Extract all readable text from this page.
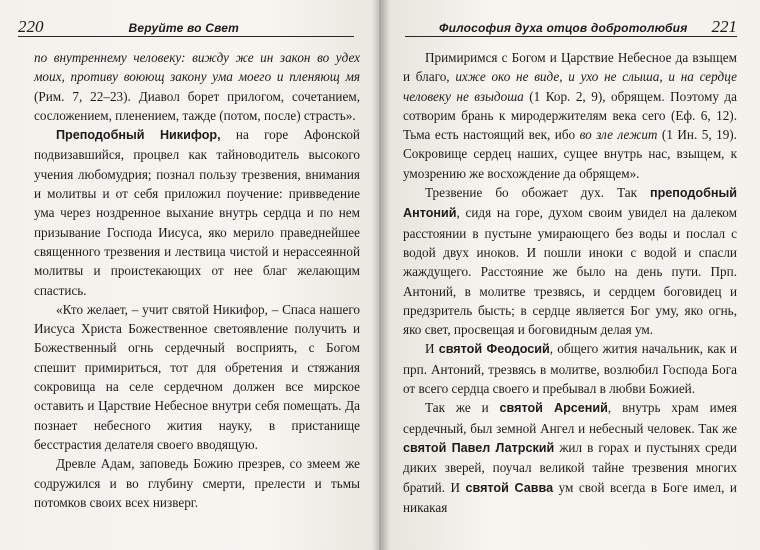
220	Веруйте во Свет

по внутреннему человеку: вижду же ин закон во удех моих, противу воюющ закону ума моего и пленяющ мя (Рим. 7, 22–23). Диавол борет прилогом, сочетанием, сосложением, пленением, тажде (потом, после) страсть».

Преподобный Никифор, на горе Афонской подвизавшийся, процвел как тайноводитель высокого учения любомудрия; познал пользу трезвения, внимания и молитвы и от себя приложил поучение: привведение ума через ноздренное выхание внутрь сердца и по нем призывание Господа Иисуса, яко мерило праведнейшее священного трезвения и лествица чистой и нерассеянной молитвы и проистекающих от нее благ желающим спастись.

«Кто желает, – учит святой Никифор, – Спаса нашего Иисуса Христа Божественное светоявление получить и Божественный огнь сердечный восприять, с Богом спешит примириться, тот для обретения и стяжания сокровища на селе сердечном должен все мирское оставить и Царствие Небесное внутри себя помещать. Да познает небесного жития науку, в пристанище бесстрастия делателя своего вводящую.

Древле Адам, заповедь Божию презрев, со змеем же содружился и во глубину смерти, прелести и тьмы потомков своих всех низверг.

Философия духа отцов добротолюбия 221

Примиримся с Богом и Царствие Небесное да взыщем и благо, ихже око не виде, и ухо не слыша, и на сердце человеку не взыдоша (1 Кор. 2, 9), обрящем. Поэтому да сотворим брань к миродержителям века сего (Еф. 6, 12). Тьма есть настоящий век, ибо во зле лежит (1 Ин. 5, 19). Сокровище сердец наших, сущее внутрь нас, взыщем, к умозрению же восхождение да обрящем».

Трезвение бо обожает дух. Так преподобный Антоний, сидя на горе, духом своим увидел на далеком расстоянии в пустыне умирающего без воды и послал с водой двух иноков. И пошли иноки с водой и спасли жаждущего. Расстояние же было на день пути. Прп. Антоний, в молитве трезвясь, и сердцем боговидец и предзритель бысть; в сердце является Бог уму, яко огнь, яко свет, просвещая и боговидным делая ум.

И святой Феодосий, общего жития начальник, как и прп. Антоний, трезвясь в молитве, возлюбил Господа Бога от всего сердца своего и пребывал в любви Божией.

Так же и святой Арсений, внутрь храм имея сердечный, был земной Ангел и небесный человек. Так же святой Павел Латрский жил в горах и пустынях среди диких зверей, поучал великой тайне трезвения многих братий. И святой Савва ум свой всегда в Боге имел, и никакая
